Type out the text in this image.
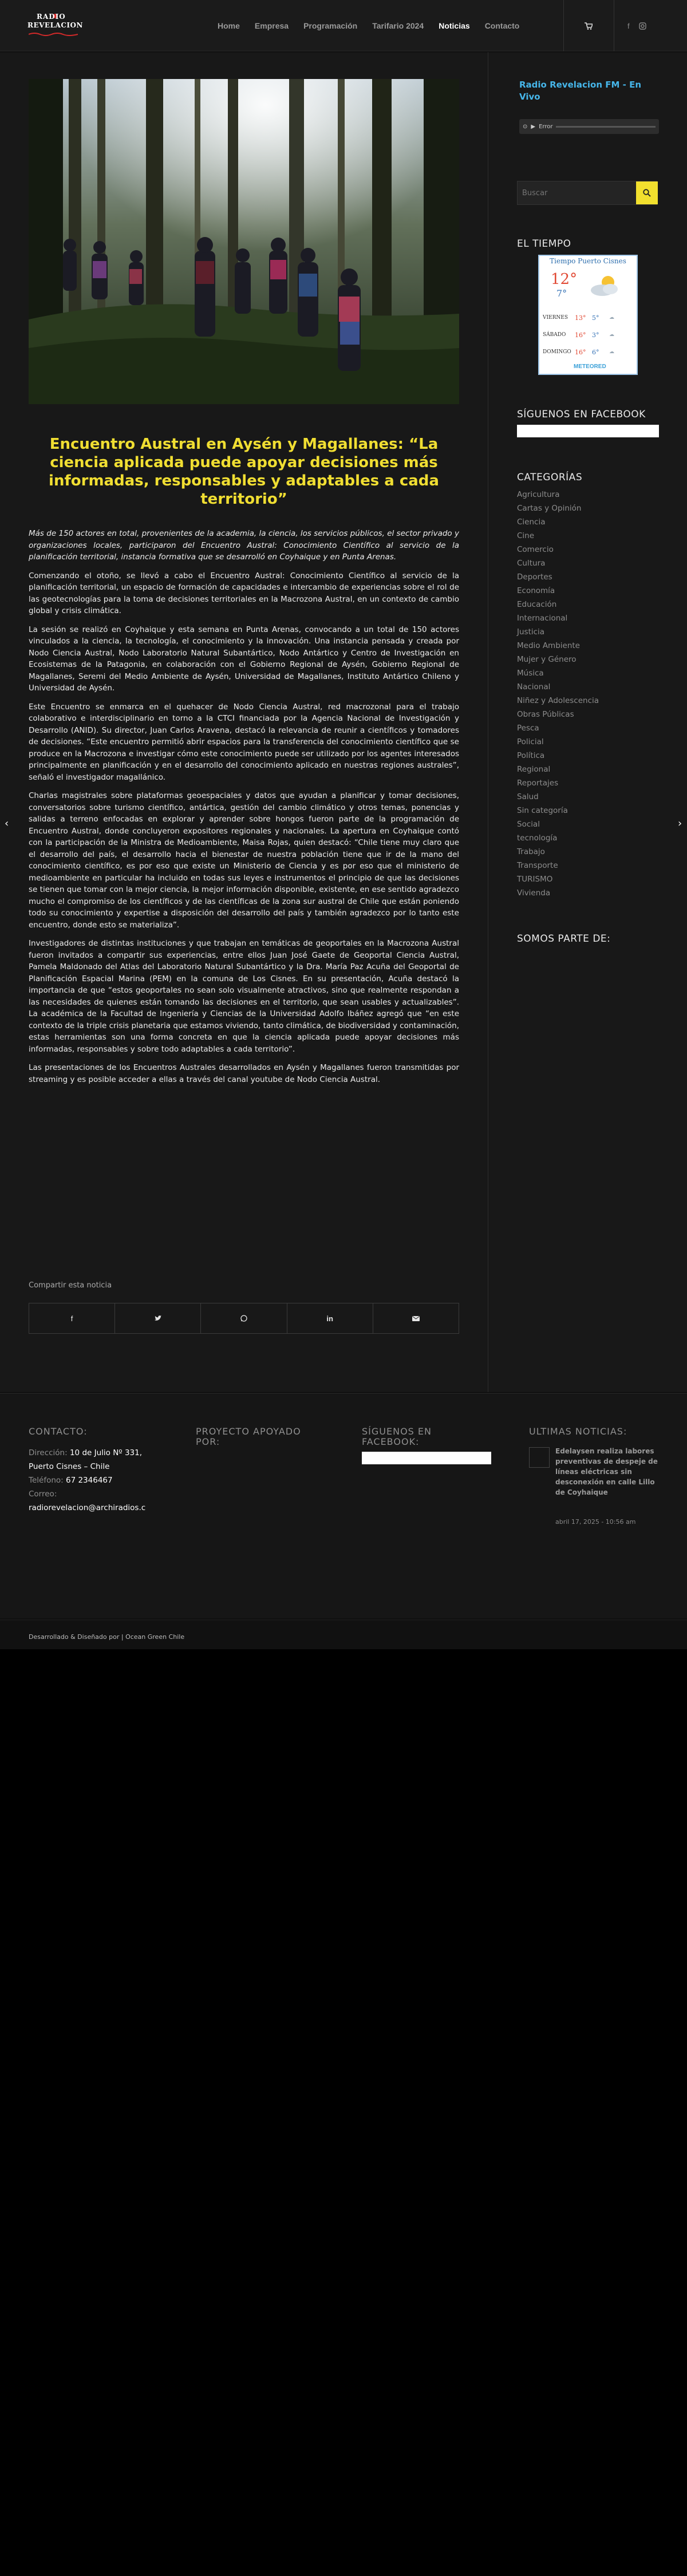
RADIO
REVELACION	Home	Empresa	Programación	Tarifario 2024	Noticias	Contacto	f
‹	›
Encuentro Austral en Aysén y Magallanes: “La ciencia aplicada puede apoyar decisiones más informadas, responsables y adaptables a cada territorio”

Más de 150 actores en total, provenientes de la academia, la ciencia, los servicios públicos, el sector privado y organizaciones locales, participaron del Encuentro Austral: Conocimiento Científico al servicio de la planificación territorial, instancia formativa que se desarrolló en Coyhaique y en Punta Arenas.

Comenzando el otoño, se llevó a cabo el Encuentro Austral: Conocimiento Científico al servicio de la planificación territorial, un espacio de formación de capacidades e intercambio de experiencias sobre el rol de las geotecnologías para la toma de decisiones territoriales en la Macrozona Austral, en un contexto de cambio global y crisis climática.

La sesión se realizó en Coyhaique y esta semana en Punta Arenas, convocando a un total de 150 actores vinculados a la ciencia, la tecnología, el conocimiento y la innovación. Una instancia pensada y creada por Nodo Ciencia Austral, Nodo Laboratorio Natural Subantártico, Nodo Antártico y Centro de Investigación en Ecosistemas de la Patagonia, en colaboración con el Gobierno Regional de Aysén, Gobierno Regional de Magallanes, Seremi del Medio Ambiente de Aysén, Universidad de Magallanes, Instituto Antártico Chileno y Universidad de Aysén.

Este Encuentro se enmarca en el quehacer de Nodo Ciencia Austral, red macrozonal para el trabajo colaborativo e interdisciplinario en torno a la CTCI financiada por la Agencia Nacional de Investigación y Desarrollo (ANID). Su director, Juan Carlos Aravena, destacó la relevancia de reunir a científicos y tomadores de decisiones. “Este encuentro permitió abrir espacios para la transferencia del conocimiento científico que se produce en la Macrozona e investigar cómo este conocimiento puede ser utilizado por los agentes interesados principalmente en planificación y en el desarrollo del conocimiento aplicado en nuestras regiones australes”, señaló el investigador magallánico.

Charlas magistrales sobre plataformas geoespaciales y datos que ayudan a planificar y tomar decisiones, conversatorios sobre turismo científico, antártica, gestión del cambio climático y otros temas, ponencias y salidas a terreno enfocadas en explorar y aprender sobre hongos fueron parte de la programación de Encuentro Austral, donde concluyeron expositores regionales y nacionales. La apertura en Coyhaique contó con la participación de la Ministra de Medioambiente, Maisa Rojas, quien destacó: “Chile tiene muy claro que el desarrollo del país, el desarrollo hacia el bienestar de nuestra población tiene que ir de la mano del conocimiento científico, es por eso que existe un Ministerio de Ciencia y es por eso que el ministerio de medioambiente en particular ha incluido en todas sus leyes e instrumentos el principio de que las decisiones se tienen que tomar con la mejor ciencia, la mejor información disponible, existente, en ese sentido agradezco mucho el compromiso de los científicos y de las científicas de la zona sur austral de Chile que están poniendo todo su conocimiento y expertise a disposición del desarrollo del país y también agradezco por lo tanto este encuentro, donde esto se materializa”.

Investigadores de distintas instituciones y que trabajan en temáticas de geoportales en la Macrozona Austral fueron invitados a compartir sus experiencias, entre ellos Juan José Gaete de Geoportal Ciencia Austral, Pamela Maldonado del Atlas del Laboratorio Natural Subantártico y la Dra. María Paz Acuña del Geoportal de Planificación Espacial Marina (PEM) en la comuna de Los Cisnes. En su presentación, Acuña destacó la importancia de que “estos geoportales no sean solo visualmente atractivos, sino que realmente respondan a las necesidades de quienes están tomando las decisiones en el territorio, que sean usables y actualizables”. La académica de la Facultad de Ingeniería y Ciencias de la Universidad Adolfo Ibáñez agregó que “en este contexto de la triple crisis planetaria que estamos viviendo, tanto climática, de biodiversidad y contaminación, estas herramientas son una forma concreta en que la ciencia aplicada puede apoyar decisiones más informadas, responsables y sobre todo adaptables a cada territorio”.

Las presentaciones de los Encuentros Australes desarrollados en Aysén y Magallanes fueron transmitidas por streaming y es posible acceder a ellas a través del canal youtube de Nodo Ciencia Austral.

Compartir esta noticia
f	in
Radio Revelacion FM - En Vivo
⊙ ▶ Error
Buscar
EL TIEMPO
Tiempo Puerto Cisnes
12°
7°
VIERNES	13° 5°	☁
SÁBADO	16° 3°	☁
DOMINGO 16° 6°	☁
METEORED
SÍGUENOS EN FACEBOOK
CATEGORÍAS
Agricultura
Cartas y Opinión
Ciencia
Cine
Comercio
Cultura
Deportes
Economía
Educación
Internacional
Justicia
Medio Ambiente
Mujer y Género
Música
Nacional
Niñez y Adolescencia
Obras Públicas
Pesca
Policial
Política
Regional
Reportajes
Salud
Sin categoría
Social
tecnología
Trabajo
Transporte
TURISMO
Vivienda
SOMOS PARTE DE:
CONTACTO:
Dirección: 10 de Julio Nº 331,
Puerto Cisnes – Chile
Teléfono: 67 2346467
Correo:
radiorevelacion@archiradios.c
PROYECTO APOYADO POR:
SÍGUENOS EN FACEBOOK:
ULTIMAS NOTICIAS:
Edelaysen realiza labores preventivas de despeje de líneas eléctricas sin desconexión en calle Lillo de Coyhaique
abril 17, 2025 - 10:56 am
Desarrollado & Diseñado por | Ocean Green Chile
